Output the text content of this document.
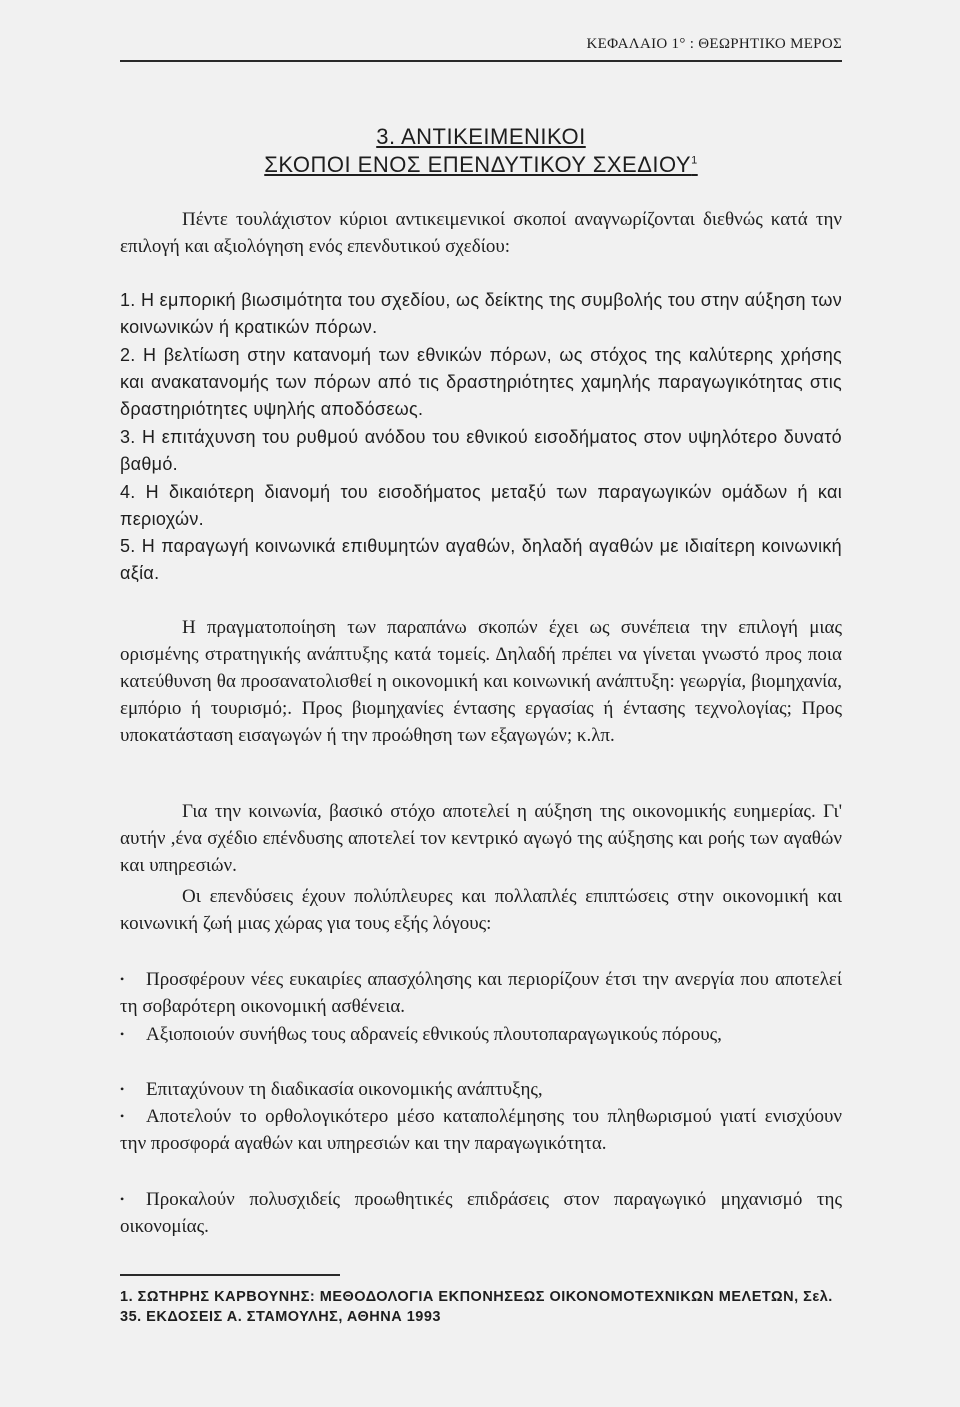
ΚΕΦΑΛΑΙΟ 1° : ΘΕΩΡΗΤΙΚΟ ΜΕΡΟΣ
3. ΑΝΤΙΚΕΙΜΕΝΙΚΟΙ
ΣΚΟΠΟΙ ΕΝΟΣ ΕΠΕΝΔΥΤΙΚΟΥ ΣΧΕΔΙΟΥ$^1$

Πέντε τουλάχιστον κύριοι αντικειμενικοί σκοποί αναγνωρίζονται διεθνώς κατά την επιλογή και αξιολόγηση ενός επενδυτικού σχεδίου:

1. Η εμπορική βιωσιμότητα του σχεδίου, ως δείκτης της συμβολής του στην αύξηση των κοινωνικών ή κρατικών πόρων.

2. Η βελτίωση στην κατανομή των εθνικών πόρων, ως στόχος της καλύτερης χρήσης και ανακατανομής των πόρων από τις δραστηριότητες χαμηλής παραγωγικότητας στις δραστηριότητες υψηλής αποδόσεως.

3. Η επιτάχυνση του ρυθμού ανόδου του εθνικού εισοδήματος στον υψηλότερο δυνατό βαθμό.

4. Η δικαιότερη διανομή του εισοδήματος μεταξύ των παραγωγικών ομάδων ή και περιοχών.

5. Η παραγωγή κοινωνικά επιθυμητών αγαθών, δηλαδή αγαθών με ιδιαίτερη κοινωνική αξία.

Η πραγματοποίηση των παραπάνω σκοπών έχει ως συνέπεια την επιλογή μιας ορισμένης στρατηγικής ανάπτυξης κατά τομείς. Δηλαδή πρέπει να γίνεται γνωστό προς ποια κατεύθυνση θα προσανατολισθεί η οικονομική και κοινωνική ανάπτυξη: γεωργία, βιομηχανία, εμπόριο ή τουρισμό;. Προς βιομηχανίες έντασης εργασίας ή έντασης τεχνολογίας; Προς υποκατάσταση εισαγωγών ή την προώθηση των εξαγωγών; κ.λπ.

Για την κοινωνία, βασικό στόχο αποτελεί η αύξηση της οικονομικής ευημερίας. Γι' αυτήν ,ένα σχέδιο επένδυσης αποτελεί τον κεντρικό αγωγό της αύξησης και ροής των αγαθών και υπηρεσιών.

Οι επενδύσεις έχουν πολύπλευρες και πολλαπλές επιπτώσεις στην οικονομική και κοινωνική ζωή μιας χώρας για τους εξής λόγους:

•	Προσφέρουν νέες ευκαιρίες απασχόλησης και περιορίζουν έτσι την ανεργία που αποτελεί τη σοβαρότερη οικονομική ασθένεια.
•	Αξιοποιούν συνήθως τους αδρανείς εθνικούς πλουτοπαραγωγικούς πόρους,
•	Επιταχύνουν τη διαδικασία οικονομικής ανάπτυξης,
•	Αποτελούν το ορθολογικότερο μέσο καταπολέμησης του πληθωρισμού γιατί ενισχύουν την προσφορά αγαθών και υπηρεσιών και την παραγωγικότητα.
•	Προκαλούν πολυσχιδείς προωθητικές επιδράσεις στον παραγωγικό μηχανισμό της οικονομίας.
1. ΣΩΤΗΡΗΣ ΚΑΡΒΟΥΝΗΣ: ΜΕΘΟΔΟΛΟΓΙΑ ΕΚΠΟΝΗΣΕΩΣ ΟΙΚΟΝΟΜΟΤΕΧΝΙΚΩΝ ΜΕΛΕΤΩΝ, Σελ. 35. ΕΚΔΟΣΕΙΣ Α. ΣΤΑΜΟΥΛΗΣ, ΑΘΗΝΑ 1993
